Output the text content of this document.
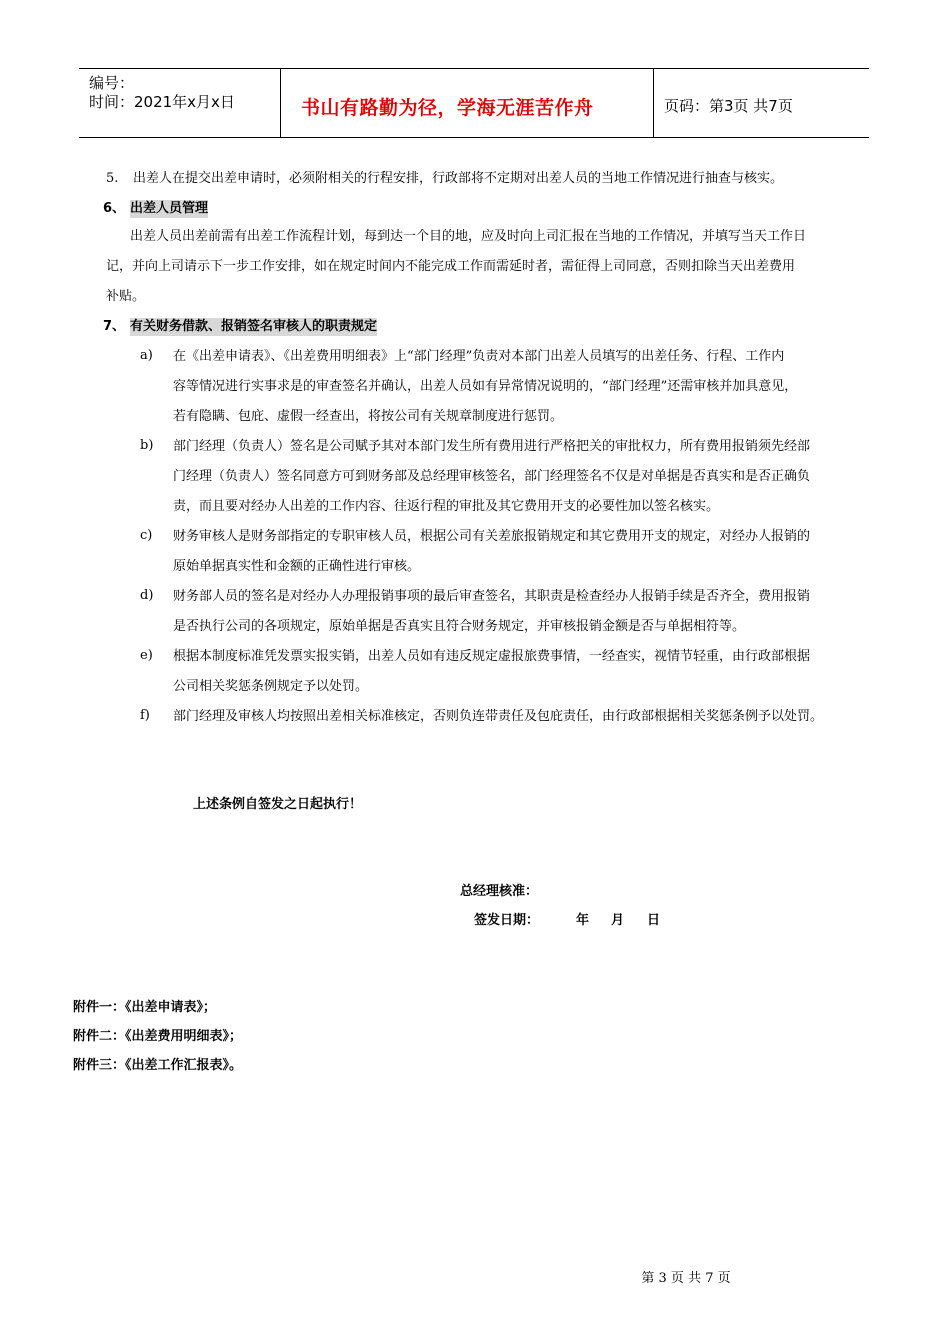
编号：
时间：2021年x月x日	书山有路勤为径，学海无涯苦作舟	页码：第3页 共7页
5. 出差人在提交出差申请时，必须附相关的行程安排，行政部将不定期对出差人员的当地工作情况进行抽查与核实。
6、 出差人员管理
出差人员出差前需有出差工作流程计划，每到达一个目的地，应及时向上司汇报在当地的工作情况，并填写当天工作日
记，并向上司请示下一步工作安排，如在规定时间内不能完成工作而需延时者，需征得上司同意，否则扣除当天出差费用
补贴。
7、 有关财务借款、报销签名审核人的职责规定
a) 在《出差申请表》、《出差费用明细表》上“部门经理”负责对本部门出差人员填写的出差任务、行程、工作内
容等情况进行实事求是的审查签名并确认，出差人员如有异常情况说明的，“部门经理”还需审核并加具意见，
若有隐瞒、包庇、虚假一经查出，将按公司有关规章制度进行惩罚。
b) 部门经理（负责人）签名是公司赋予其对本部门发生所有费用进行严格把关的审批权力，所有费用报销须先经部
门经理（负责人）签名同意方可到财务部及总经理审核签名，部门经理签名不仅是对单据是否真实和是否正确负
责，而且要对经办人出差的工作内容、往返行程的审批及其它费用开支的必要性加以签名核实。
c) 财务审核人是财务部指定的专职审核人员，根据公司有关差旅报销规定和其它费用开支的规定，对经办人报销的
原始单据真实性和金额的正确性进行审核。
d) 财务部人员的签名是对经办人办理报销事项的最后审查签名，其职责是检查经办人报销手续是否齐全，费用报销
是否执行公司的各项规定，原始单据是否真实且符合财务规定，并审核报销金额是否与单据相符等。
e) 根据本制度标准凭发票实报实销，出差人员如有违反规定虚报旅费事情，一经查实，视情节轻重，由行政部根据
公司相关奖惩条例规定予以处罚。
f) 部门经理及审核人均按照出差相关标准核定，否则负连带责任及包庇责任，由行政部根据相关奖惩条例予以处罚。
上述条例自签发之日起执行！
总经理核准：
签发日期：	年 月 日
附件一：《出差申请表》；
附件二：《出差费用明细表》；
附件三：《出差工作汇报表》。
第 3 页 共 7 页
